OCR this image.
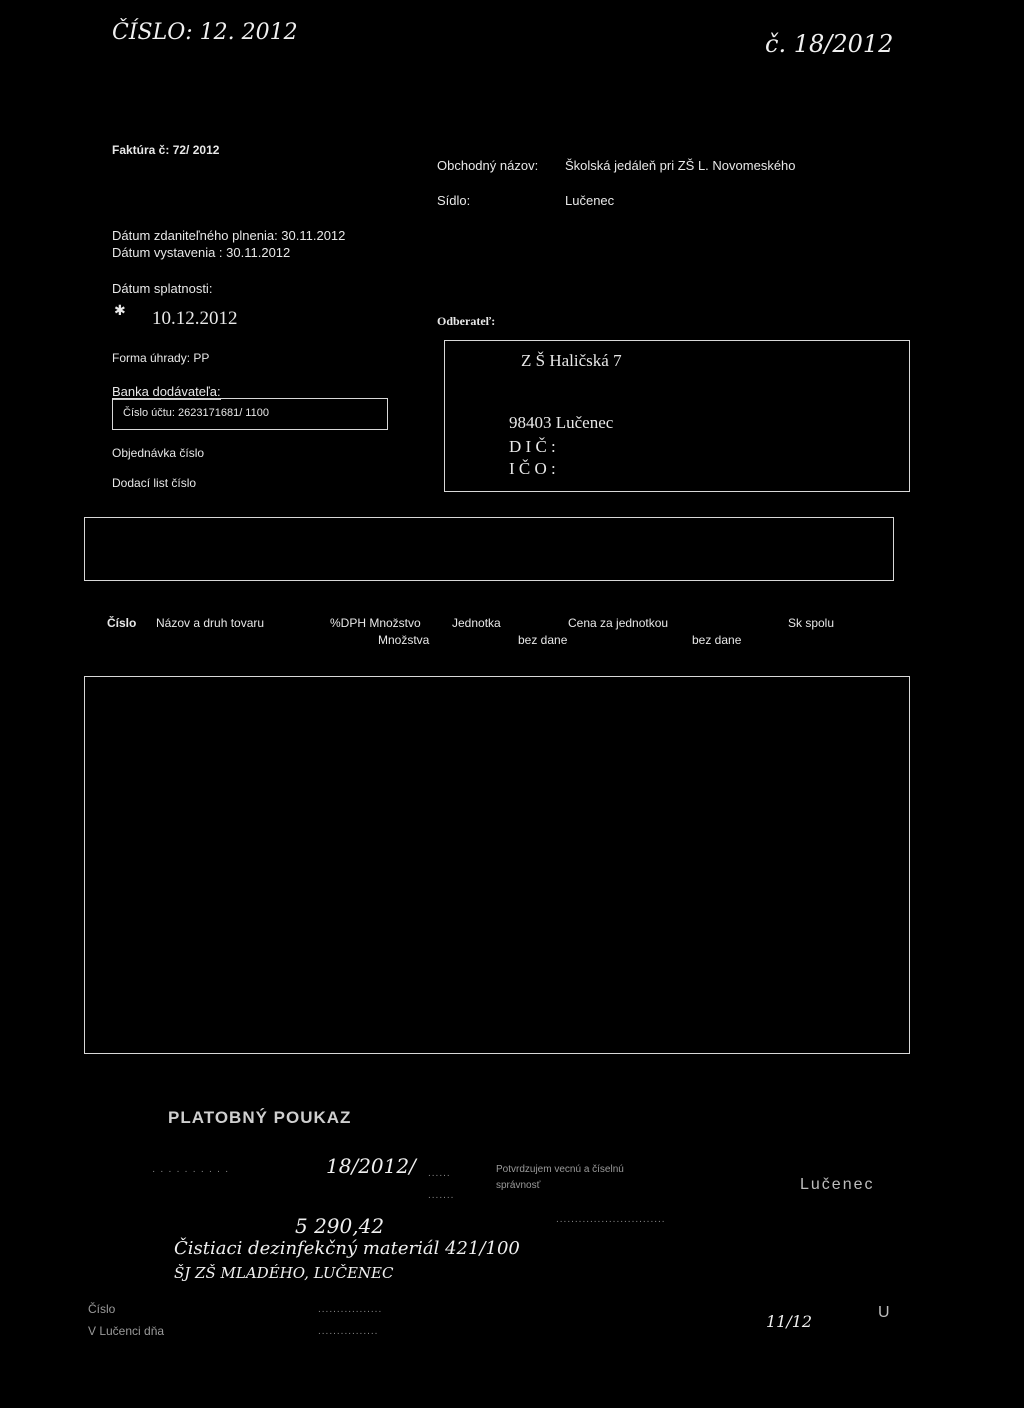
ČÍSLO: 12. 2012	č. 18/2012
Faktúra č: 72/ 2012
Dátum zdaniteľného plnenia: 30.11.2012
Dátum vystavenia : 30.11.2012
Dátum splatnosti:
✱ 10.12.2012
Forma úhrady: PP
Banka dodávateľa:
Číslo účtu: 2623171681/ 1100
Objednávka číslo
Dodací list číslo
Obchodný názov: Školská jedáleň pri ZŠ L. Novomeského
Sídlo:	Lučenec
Odberateľ:
Z Š Haličská 7
98403 Lučenec
D I Č :
I Č O :
Číslo Názov a druh tovaru	%DPH Množstvo	Jednotka	Cena za jednotkou	Sk spolu
Množstva	bez dane	bez dane
PLATOBNÝ POUKAZ
· · · · · · · · · ·	18/2012/ ......
.......
5 290,42
Čistiaci dezinfekčný materiál 421/100
ŠJ ZŠ MLADÉHO, LUČENEC
Potvrdzujem vecnú a číselnú
správnosť
.............................
Číslo
V Lučenci dňa
.................
................
Lučenec
11/12	U
